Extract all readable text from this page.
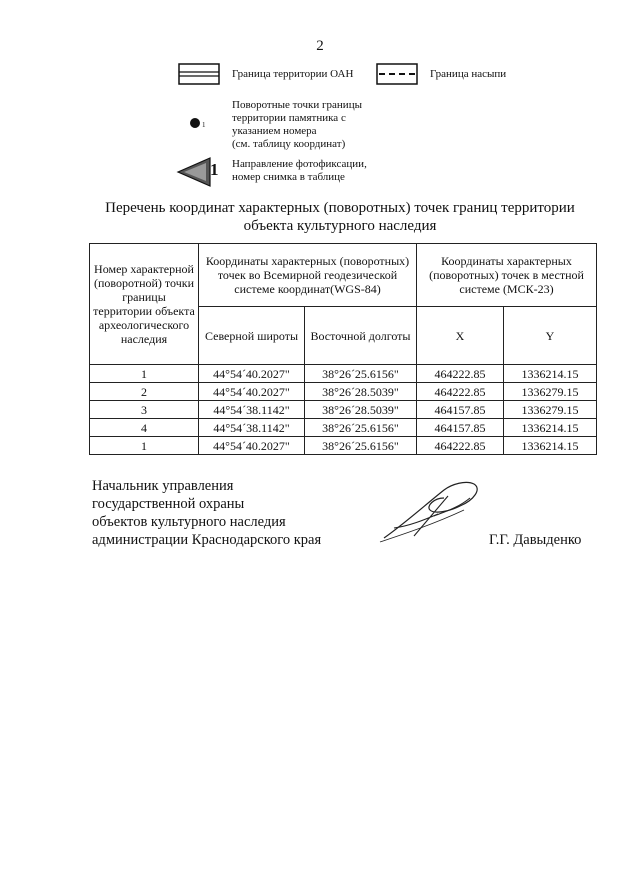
2
Граница территории ОАН	Граница насыпи
1
Поворотные точки границы
территории памятника с
указанием номера
(см. таблицу координат)
1 Направление фотофиксации,
номер снимка в таблице
Перечень координат характерных (поворотных) точек границ территории
объекта культурного наследия
Номер характерной (поворотной) точки границы территории объекта археологического наследия	Координаты характерных (поворотных) точек во Всемирной геодезической системе координат(WGS-84)		Координаты характерных (поворотных) точек в местной системе (МСК-23)	
	Северной широты	Восточной долготы	X	Y
1	44°54´40.2027"	38°26´25.6156"	464222.85	1336214.15
2	44°54´40.2027"	38°26´28.5039"	464222.85	1336279.15
3	44°54´38.1142"	38°26´28.5039"	464157.85	1336279.15
4	44°54´38.1142"	38°26´25.6156"	464157.85	1336214.15
1	44°54´40.2027"	38°26´25.6156"	464222.85	1336214.15
Начальник управления
государственной охраны
объектов культурного наследия
администрации Краснодарского края	Г.Г. Давыденко
